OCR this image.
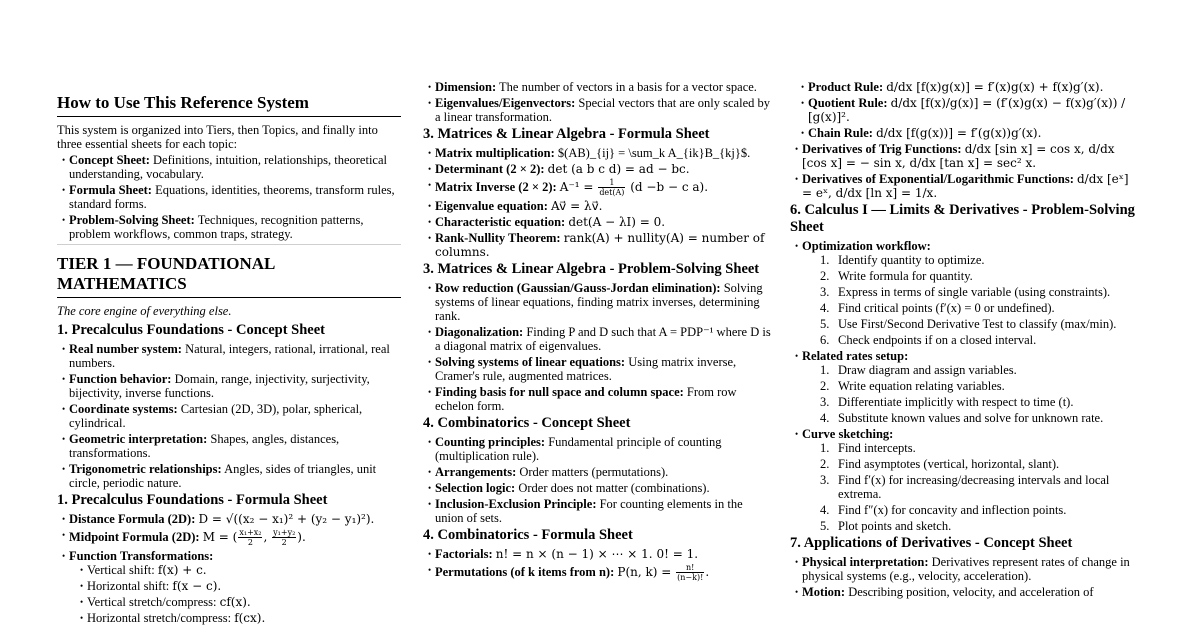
How to Use This Reference System

This system is organized into Tiers, then Topics, and finally into three essential sheets for each topic:

• Concept Sheet: Definitions, intuition, relationships, theoretical understanding, vocabulary.
• Formula Sheet: Equations, identities, theorems, transform rules, standard forms.
• Problem-Solving Sheet: Techniques, recognition patterns, problem workflows, common traps, strategy.
TIER 1 — FOUNDATIONAL MATHEMATICS

The core engine of everything else.

1. Precalculus Foundations - Concept Sheet
• Real number system: Natural, integers, rational, irrational, real numbers.
• Function behavior: Domain, range, injectivity, surjectivity, bijectivity, inverse functions.
• Coordinate systems: Cartesian (2D, 3D), polar, spherical, cylindrical.
• Geometric interpretation: Shapes, angles, distances, transformations.
• Trigonometric relationships: Angles, sides of triangles, unit circle, periodic nature.
1. Precalculus Foundations - Formula Sheet
• Distance Formula (2D): D = √((x₂ − x₁)² + (y₂ − y₁)²).
• Midpoint Formula (2D): M = ( $\frac{\text{x₁+x₂}}{2}$ , $\frac{\text{y₁+y₂}}{2}$ ).
• Function Transformations:
• Vertical shift: f(x) + c.
• Horizontal shift: f(x − c).
• Vertical stretch/compress: cf(x).
• Horizontal stretch/compress: f(cx).
• Dimension: The number of vectors in a basis for a vector space.
• Eigenvalues/Eigenvectors: Special vectors that are only scaled by a linear transformation.
3. Matrices & Linear Algebra - Formula Sheet
• Matrix multiplication: $(AB)_{ij} = \sum_k A_{ik}B_{kj}$.
• Determinant (2 × 2): det (a b c d) = ad − bc.
• Matrix Inverse (2 × 2): $A^{-1} = \frac{1}{\det(A)} (d -b - c$ a).
• Eigenvalue equation: Av⃗ = λv⃗.
• Characteristic equation: det(A − λI) = 0.
• Rank-Nullity Theorem: rank(A) + nullity(A) = number of columns.
3. Matrices & Linear Algebra - Problem-Solving Sheet
• Row reduction (Gaussian/Gauss-Jordan elimination): Solving systems of linear equations, finding matrix inverses, determining rank.
• Diagonalization: Finding P and D such that A = PDP⁻¹ where D is a diagonal matrix of eigenvalues.
• Solving systems of linear equations: Using matrix inverse, Cramer's rule, augmented matrices.
• Finding basis for null space and column space: From row echelon form.
4. Combinatorics - Concept Sheet
• Counting principles: Fundamental principle of counting (multiplication rule).
• Arrangements: Order matters (permutations).
• Selection logic: Order does not matter (combinations).
• Inclusion-Exclusion Principle: For counting elements in the union of sets.
4. Combinatorics - Formula Sheet
• Factorials: n! = n × (n − 1) × ⋯ × 1. 0! = 1.
• Permutations (of k items from n): P(n, $k) = \frac{n!}{(n-k)!}$ .
• Product Rule: d/dx [f(x)g(x)] = f′(x)g(x) + f(x)g′(x).
• Quotient Rule: d/dx [f(x)/g(x)] = (f′(x)g(x) − f(x)g′(x)) / [g(x)]².
• Chain Rule: d/dx [f(g(x))] = f′(g(x))g′(x).
• Derivatives of Trig Functions: d/dx [sin x] = cos x, d/dx [cos x] = − sin x, d/dx [tan x] = sec² x.
• Derivatives of Exponential/Logarithmic Functions: d/dx [eˣ] = eˣ, d/dx [ln x] = 1/x.
6. Calculus I — Limits & Derivatives - Problem-Solving Sheet
• Optimization workflow:
Identify quantity to optimize.
Write formula for quantity.
Express in terms of single variable (using constraints).
Find critical points (f′(x) = 0 or undefined).
Use First/Second Derivative Test to classify (max/min).
Check endpoints if on a closed interval.
• Related rates setup:
Draw diagram and assign variables.
Write equation relating variables.
Differentiate implicitly with respect to time (t).
Substitute known values and solve for unknown rate.
• Curve sketching:
Find intercepts.
Find asymptotes (vertical, horizontal, slant).
Find f′(x) for increasing/decreasing intervals and local extrema.
Find f″(x) for concavity and inflection points.
Plot points and sketch.
7. Applications of Derivatives - Concept Sheet
• Physical interpretation: Derivatives represent rates of change in physical systems (e.g., velocity, acceleration).
• Motion: Describing position, velocity, and acceleration of
